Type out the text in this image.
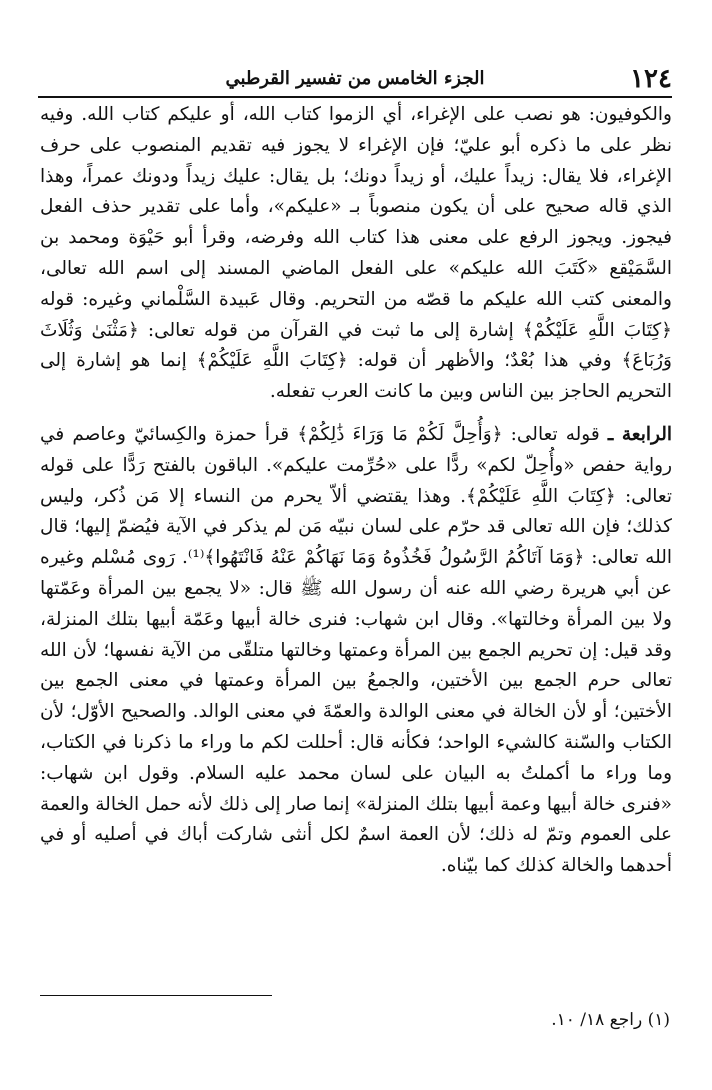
١٢٤
الجزء الخامس من تفسير القرطبي

والكوفيون: هو نصب على الإغراء، أي الزموا كتاب الله، أو عليكم كتاب الله. وفيه نظر على ما ذكره أبو عليّ؛ فإن الإغراء لا يجوز فيه تقديم المنصوب على حرف الإغراء، فلا يقال: زيداً عليك، أو زيداً دونك؛ بل يقال: عليك زيداً ودونك عمراً، وهذا الذي قاله صحيح على أن يكون منصوباً بـ «عليكم»، وأما على تقدير حذف الفعل فيجوز. ويجوز الرفع على معنى هذا كتاب الله وفرضه، وقرأ أبو حَيْوَة ومحمد بن السَّمَيْقع «كَتَبَ الله عليكم» على الفعل الماضي المسند إلى اسم الله تعالى، والمعنى كتب الله عليكم ما قصّه من التحريم. وقال عَبيدة السَّلْماني وغيره: قوله ﴿كِتَابَ اللَّهِ عَلَيْكُمْ﴾ إشارة إلى ما ثبت في القرآن من قوله تعالى: ﴿مَثْنَىٰ وَثُلَاثَ وَرُبَاعَ﴾ وفي هذا بُعْدٌ؛ والأظهر أن قوله: ﴿كِتَابَ اللَّهِ عَلَيْكُمْ﴾ إنما هو إشارة إلى التحريم الحاجز بين الناس وبين ما كانت العرب تفعله.

الرابعة ـ قوله تعالى: ﴿وَأُحِلَّ لَكُمْ مَا وَرَاءَ ذَٰلِكُمْ﴾ قرأ حمزة والكِسائيّ وعاصم في رواية حفص «وأُحِلّ لكم» ردًّا على «حُرِّمت عليكم». الباقون بالفتح رَدًّا على قوله تعالى: ﴿كِتَابَ اللَّهِ عَلَيْكُمْ﴾. وهذا يقتضي ألاّ يحرم من النساء إلا مَن ذُكر، وليس كذلك؛ فإن الله تعالى قد حرّم على لسان نبيّه مَن لم يذكر في الآية فيُضمّ إليها؛ قال الله تعالى: ﴿وَمَا آتَاكُمُ الرَّسُولُ فَخُذُوهُ وَمَا نَهَاكُمْ عَنْهُ فَانْتَهُوا﴾⁽¹⁾. رَوى مُسْلم وغيره عن أبي هريرة رضي الله عنه أن رسول الله ﷺ قال: «لا يجمع بين المرأة وعَمّتها ولا بين المرأة وخالتها». وقال ابن شهاب: فنرى خالة أبيها وعَمّة أبيها بتلك المنزلة، وقد قيل: إن تحريم الجمع بين المرأة وعمتها وخالتها متلقّى من الآية نفسها؛ لأن الله تعالى حرم الجمع بين الأختين، والجمعُ بين المرأة وعمتها في معنى الجمع بين الأختين؛ أو لأن الخالة في معنى الوالدة والعمّةَ في معنى الوالد. والصحيح الأوّل؛ لأن الكتاب والسّنة كالشيء الواحد؛ فكأنه قال: أحللت لكم ما وراء ما ذكرنا في الكتاب، وما وراء ما أكملتُ به البيان على لسان محمد عليه السلام. وقول ابن شهاب: «فنرى خالة أبيها وعمة أبيها بتلك المنزلة» إنما صار إلى ذلك لأنه حمل الخالة والعمة على العموم وتمّ له ذلك؛ لأن العمة اسمٌ لكل أنثى شاركت أباك في أصليه أو في أحدهما والخالة كذلك كما بيّناه.

(١) راجع ١٨/ ١٠.
